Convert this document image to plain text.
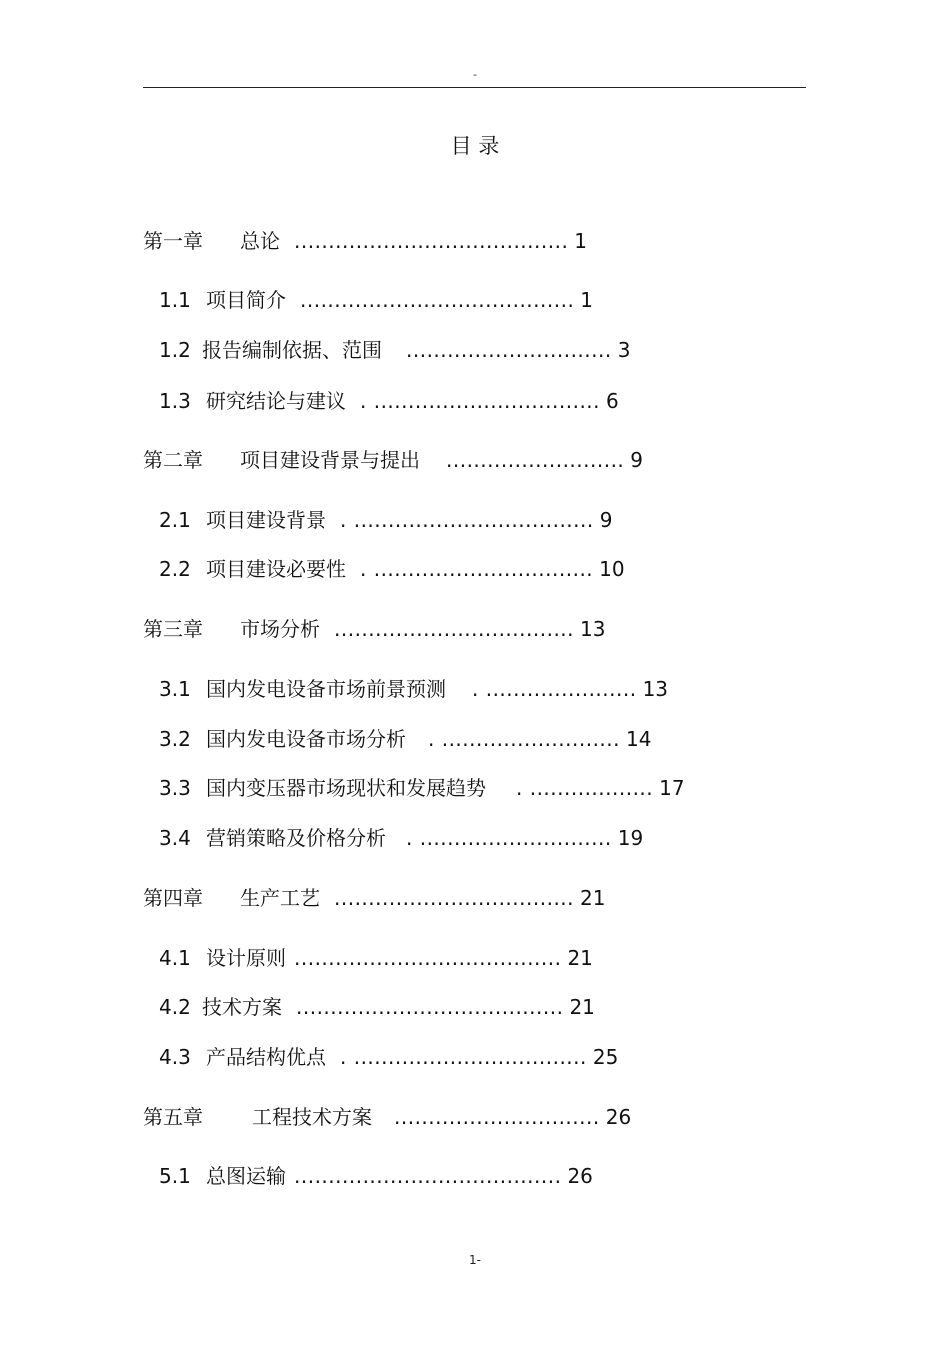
-
目 录
第一章 总论 ........................................ 1
1.1 项目简介 ........................................ 1
1.2 报告编制依据、范围 .............................. 3
1.3 研究结论与建议 . ................................. 6
第二章 项目建设背景与提出 .......................... 9
2.1 项目建设背景 . ................................... 9
2.2 项目建设必要性 . ................................ 10
第三章 市场分析 ................................... 13
3.1 国内发电设备市场前景预测 . ...................... 13
3.2 国内发电设备市场分析 . .......................... 14
3.3 国内变压器市场现状和发展趋势 . .................. 17
3.4 营销策略及价格分析 . ............................ 19
第四章 生产工艺 ................................... 21
4.1 设计原则 ....................................... 21
4.2 技术方案 ....................................... 21
4.3 产品结构优点 . .................................. 25
第五章 工程技术方案 .............................. 26
5.1 总图运输 ....................................... 26
1-
